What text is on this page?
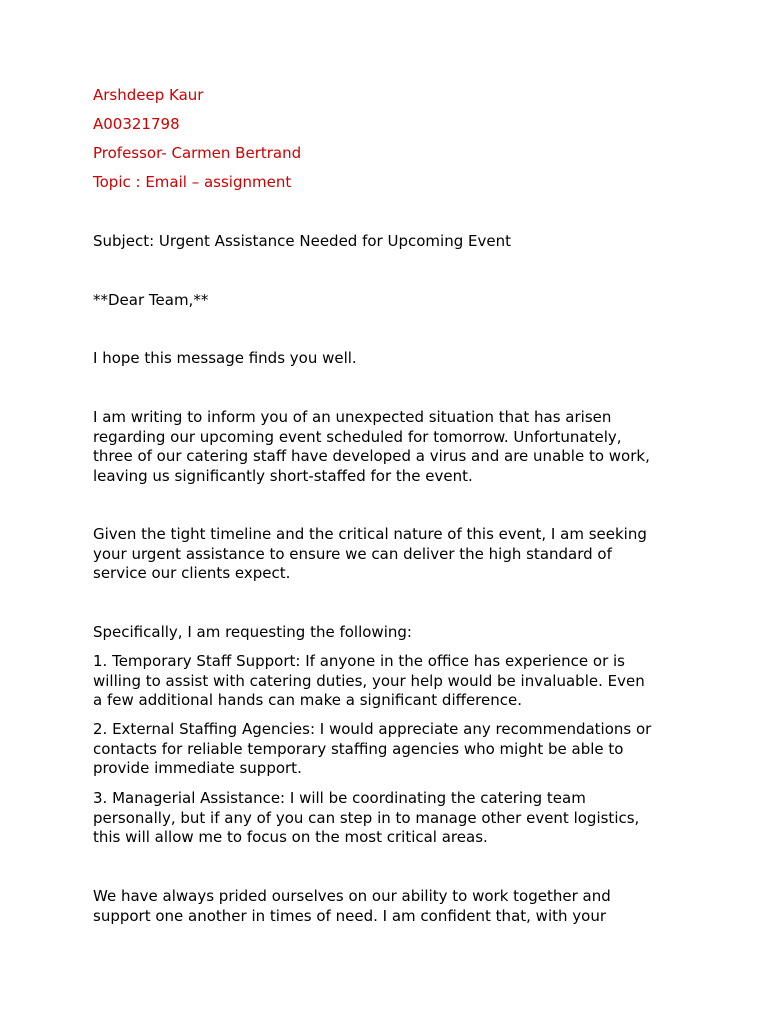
Arshdeep Kaur

A00321798

Professor- Carmen Bertrand

Topic : Email – assignment

Subject: Urgent Assistance Needed for Upcoming Event

**Dear Team,**

I hope this message finds you well.

I am writing to inform you of an unexpected situation that has arisen

regarding our upcoming event scheduled for tomorrow. Unfortunately,

three of our catering staff have developed a virus and are unable to work,

leaving us significantly short-staffed for the event.

Given the tight timeline and the critical nature of this event, I am seeking

your urgent assistance to ensure we can deliver the high standard of

service our clients expect.

Specifically, I am requesting the following:

1. Temporary Staff Support: If anyone in the office has experience or is

willing to assist with catering duties, your help would be invaluable. Even

a few additional hands can make a significant difference.

2. External Staffing Agencies: I would appreciate any recommendations or

contacts for reliable temporary staffing agencies who might be able to

provide immediate support.

3. Managerial Assistance: I will be coordinating the catering team

personally, but if any of you can step in to manage other event logistics,

this will allow me to focus on the most critical areas.

We have always prided ourselves on our ability to work together and

support one another in times of need. I am confident that, with your
